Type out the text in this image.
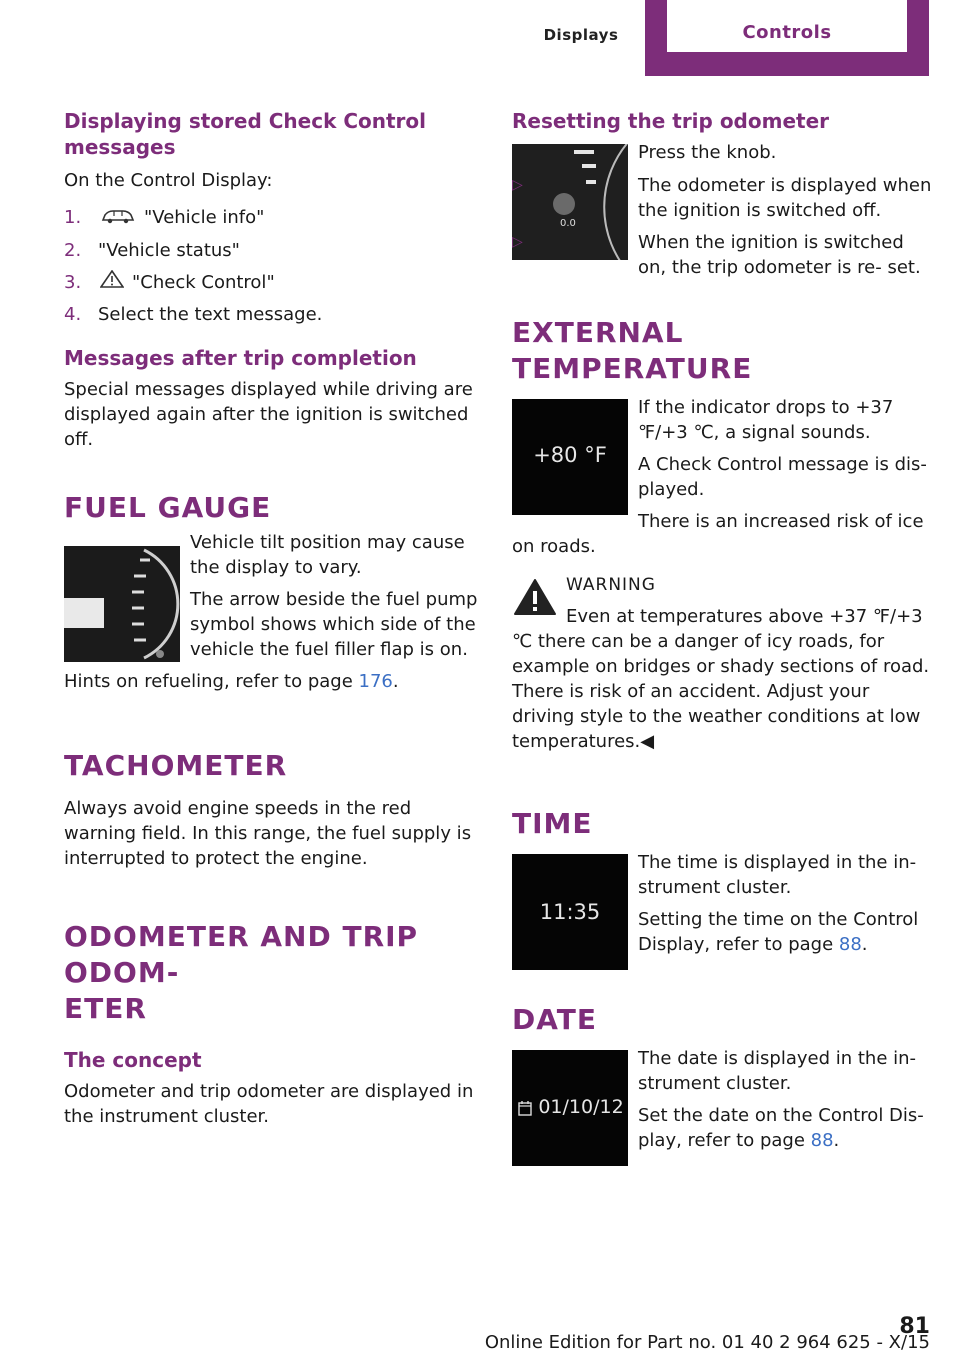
Displays	Controls
Displaying stored Check Control messages

On the Control Display:

1.	"Vehicle info"
2. "Vehicle status"
3.	"Check Control"
4. Select the text message.
Messages after trip completion

Special messages displayed while driving are displayed again after the ignition is switched off.

FUEL GAUGE

Vehicle tilt position may cause the display to vary.

The arrow beside the fuel pump symbol shows which side of the vehicle the fuel filler flap is on.

Hints on refueling, refer to page 176.

TACHOMETER

Always avoid engine speeds in the red warning field. In this range, the fuel supply is interrupted to protect the engine.

ODOMETER AND TRIP ODOM‐
ETER
The concept

Odometer and trip odometer are displayed in the instrument cluster.

Resetting the trip odometer
0.0

Press the knob.

▷	The odometer is displayed when the ignition is switched off.
▷	When the ignition is switched on, the trip odometer is re‐ set.
EXTERNAL TEMPERATURE
+80 °F

If the indicator drops to +37 ℉/+3 ℃, a signal sounds.

A Check Control message is dis‐ played.

There is an increased risk of ice on roads.

WARNING

Even at temperatures above +37 ℉/+3 ℃ there can be a danger of icy roads, for example on bridges or shady sections of road. There is risk of an accident. Adjust your driving style to the weather conditions at low temperatures.◀

TIME
11:35

The time is displayed in the in‐ strument cluster.

Setting the time on the Control Display, refer to page 88.

DATE
01/10/12

The date is displayed in the in‐ strument cluster.

Set the date on the Control Dis‐ play, refer to page 88.

81
Online Edition for Part no. 01 40 2 964 625 - X/15
